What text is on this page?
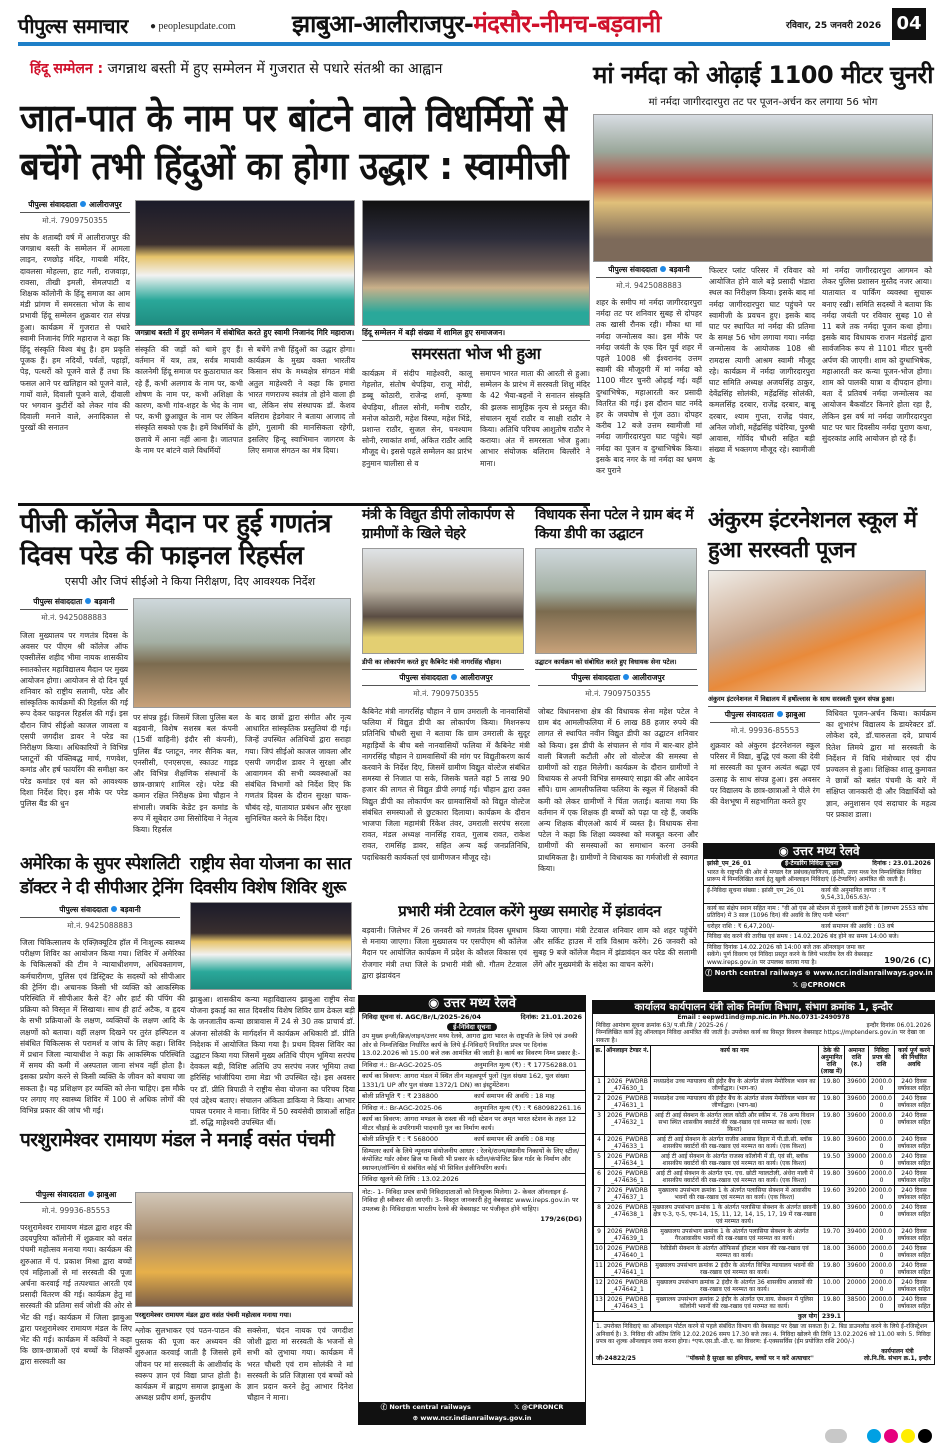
पीपुल्स समाचार	● peoplesupdate.com	झाबुआ-आलीराजपुर-मंदसौर-नीमच-बड़वानी	रविवार, 25 जनवरी 2026 04
हिंदू सम्मेलन : जगन्नाथ बस्ती में हुए सम्मेलन में गुजरात से पधारे संतश्री का आह्वान
जात-पात के नाम पर बांटने वाले विधर्मियों से बचेंगे तभी हिंदुओं का होगा उद्धार : स्वामीजी
पीपुल्स संवाददाता आलीराजपुर
मो.नं. 7909750355
संघ के शताब्दी वर्ष में आलीराजपुर की जगन्नाथ बस्ती के सम्मेलन में आमला लाइन, रणछोड़ मंदिर, गायत्री मंदिर, दावलसा मोहल्ला, हाट गली, राजवाड़ा, रावसा, तीखी इमली, सेमलपाटी व शिक्षक कॉलोनी के हिंदू समाज का आम मंडी प्रांगण में समरसता भोज के साथ प्रभावी हिंदू सम्मेलन शुक्रवार रात संपन्न हुआ। कार्यक्रम में गुजरात से पधारे स्वामी निजानंद गिरि महाराज ने कहा कि हिंदू संस्कृति विश्व बंधु है। हम प्रकृति पूजक हैं। हम नदियों, पर्वतों, पहाड़ों, पेड़, पत्थरों को पूजने वाले हैं तथा कि फसल आने पर खलिहान को पूजने वाले, गायों वाले, दिवाली पूजने वाले, दीवाली पर भगवान कुटीरों को लेकर गांव की दिवाली मनाने वाले, अनादिकाल से पुरखों की सनातन
जगन्नाथ बस्ती में हुए सम्मेलन में संबोधित करते हुए स्वामी निजानंद गिरि महाराज। हिंदू सम्मेलन में बड़ी संख्या में शामिल हुए समाजजन।
संस्कृति की जड़ों को थामे हुए हैं। वर्तमान में यत्र, तत्र, सर्वत्र मायावी कालनेमी हिंदू समाज पर कुठाराघात कर रहे हैं, कभी अलगाव के नाम पर, कभी शोषण के नाम पर, कभी अशिक्षा के कारण, कभी गांव-शहर के भेद के नाम पर, कभी छुआछूत के नाम पर लेकिन संस्कृति सबको एक है। हमें विधर्मियों के छलावे में आना नहीं आना है। जातपात के नाम पर बांटने वाले विधर्मियों
से बचेंगे तभी हिंदुओं का उद्धार होगा। कार्यक्रम के मुख्य वक्ता भारतीय किसान संघ के मध्यक्षेत्र संगठन मंत्री अतुल माहेश्वरी ने कहा कि हमारा भारत गणराज्य स्वतंत्र तो होने वाला ही था, लेकिन संघ संस्थापक डॉ. केशव बलिराम हेडगेवार ने बताया आजाद तो होंगे, गुलामी की मानसिकता रहेगी, इसलिए हिन्दू स्वाभिमान जागरण के लिए समाज संगठन का मंत्र दिया।
समरसता भोज भी हुआ
कार्यक्रम में संदीप माहेश्वरी, कालू गेहलोत, संतोष थेपड़िया, राजू मोदी, डब्बू कोठारी, राजेन्द्र शर्मा, कृष्णा थेपड़िया, शीतल सोनी, मनीष राठौर, मनोज कोठारी, महेश विस्पा, महेश भिंडे, प्रशान्त राठौर, सुजल सेन, घनश्याम सोनी, रमाकांत शर्मा, अंकित राठौर आदि मौजूद थे। इससे पहले सम्मेलन का प्रारंभ हनुमान चालीसा से व
समापन भारत माता की आरती से हुआ। सम्मेलन के प्रारंभ में सरस्वती शिशु मंदिर के 42 भैया-बहनों ने सनातन संस्कृति की झलक सामूहिक नृत्य से प्रस्तुत की। संचालन सूर्या राठौर व साक्षी राठौर ने किया। अतिथि परिचय आशुतोष राठौर ने कराया। अंत में समरसता भोज हुआ। आभार संयोजक बलिराम बिल्लौरे ने माना।
मां नर्मदा को ओढ़ाई 1100 मीटर चुनरी
मां नर्मदा जागीरदारपुरा तट पर पूजन-अर्चन कर लगाया 56 भोग
पीपुल्स संवाददाता बड़वानी
मो.नं. 9425088883
शहर के समीप मां नर्मदा जागीरदारपुरा नर्मदा तट पर शनिवार सुबह से दोपहर तक खासी रौनक रही। मौका था मां नर्मदा जन्मोत्सव का। इस मौके पर नर्मदा जयंती के एक दिन पूर्व शहर में पहले 1008 श्री ईश्वरानंद उत्तम स्वामी की मौजूदगी में मां नर्मदा को 1100 मीटर चुनरी ओढ़ाई गई। वहीं दुग्धाभिषेक, महाआरती कर प्रसादी वितरित की गई। इस दौरान घाट नर्मदे हर के जयघोष से गूंज उठा। दोपहर करीब 12 बजे उत्तम स्वामीजी मां नर्मदा जागीरदारपुरा घाट पहुंचे। यहां नर्मदा का पूजन व दुग्धाभिषेक किया। इसके बाद नगर के मां नर्मदा का भ्रमण कर पुराने
फिल्टर प्लांट परिसर में रविवार को आयोजित होने वाले बड़े प्रसादी भंडारा स्थल का निरीक्षण किया। इसके बाद मां नर्मदा जागीरदारपुरा घाट पहुंचने पर स्वामीजी के प्रवचन हुए। इसके बाद घाट पर स्थापित मां नर्मदा की प्रतिमा के समक्ष 56 भोग लगाया गया। नर्मदा जन्मोत्सव के आयोजक 108 श्री रामदास त्यागी आश्रम स्वामी मौजूद रहे। कार्यक्रम में नर्मदा जागीरदारपुरा घाट समिति अध्यक्ष अजयसिंह ठाकुर, देवेंद्रसिंह सोलंकी, महेंद्रसिंह सोलंकी, कमलसिंह दरबार, राजेंद्र दरबार, बाबू दरबार, श्याम गुप्ता, राजेंद्र पंवार, अनिल जोशी, महेंद्रसिंह चंदेरिया, पुरुषी आवास, गोविंद चौधरी सहित बड़ी संख्या में भक्तगण मौजूद रहे। स्वामीजी के
मां नर्मदा जागीरदारपुरा आगमन को लेकर पुलिस प्रशासन मुस्तैद नजर आया। यातायात व पार्किंग व्यवस्था सुचारू बनाए रखी। समिति सदस्यों ने बताया कि नर्मदा जयंती पर रविवार सुबह 10 से 11 बजे तक नर्मदा पूजन कथा होगा। इसके बाद विधायक राजन मंडलोई द्वारा सार्वजनिक रूप से 1101 मीटर चुनरी अर्पण की जाएगी। शाम को दुग्धाभिषेक, महाआरती कर कन्या पूजन-भोज होगा। शाम को पालकी यात्रा व दीपदान होगा। बता दें प्रतिवर्ष नर्मदा जन्मोत्सव का आयोजन बैकवॉटर किनारे होता रहा है, लेकिन इस वर्ष मां नर्मदा जागीरदारपुरा घाट पर चार दिवसीय नर्मदा पुराण कथा, सुंदरकांड आदि आयोजन हो रहे हैं।
पीजी कॉलेज मैदान पर हुई गणतंत्र दिवस परेड की फाइनल रिहर्सल
एसपी और जिपं सीईओ ने किया निरीक्षण, दिए आवश्यक निर्देश
पीपुल्स संवाददाता बड़वानी
मो.नं. 9425088883
जिला मुख्यालय पर गणतंत्र दिवस के अवसर पर पीएम श्री कॉलेज ऑफ एक्सीलेंस शहीद भीमा नायक शासकीय स्नातकोत्तर महाविद्यालय मैदान पर मुख्य आयोजन होगा। आयोजन से दो दिन पूर्व शनिवार को राष्ट्रीय सलामी, परेड और सांस्कृतिक कार्यक्रमों की रिहर्सल की गई रूप देकर फाइनल रिहर्सल की गई। इस दौरान जिपं सीईओ काजल जावला व एसपी जगदीश डावर ने परेड का निरीक्षण किया। अधिकारियों ने विभिन्न प्लाटूनों की पंक्तिबद्ध मार्च, गणवेश, कमांड और हर्ष फायरिंग की समीक्षा कर परेड कमांडर एवं बल को आवश्यक दिशा निर्देश दिए। इस मौके पर परेड पुलिस बैंड की धुन
पर संपन्न हुई। जिसमें जिला पुलिस बल बड़वानी, विशेष सशस्त्र बल कंपनी (15वीं वाहिनी) इंदौर सी कंपनी), पुलिस बैंड प्लाटून, नगर सैनिक बल, एनसीसी, एनएसएस, स्काउट गाइड और विभिन्न शैक्षणिक संस्थानों के छात्र-छात्राएं शामिल रहे। परेड की कमान रक्षित निरीक्षक प्रेमा चौहान ने संभाली। जबकि केडेट इन कमांड के रूप में सूबेदार उमा सिसोदिया ने नेतृत्व किया। रिहर्सल
के बाद छात्रों द्वारा संगीत और नृत्य आधारित सांस्कृतिक प्रस्तुतियां दी गई। जिन्हें उपस्थित अतिथियों द्वारा सराहा गया। जिपं सीईओ काजल जावला और एसपी जगदीश डावर ने सुरक्षा और आवागमन की सभी व्यवस्थाओं का संबंधित विभागों को निर्देश दिए कि गणतंत्र दिवस के दौरान सुरक्षा चाक-चौबंद रहे, यातायात प्रबंधन और सुरक्षा सुनिश्चित करने के निर्देश दिए।
मंत्री के विद्युत डीपी लोकार्पण से ग्रामीणों के खिले चेहरे
डीपी का लोकार्पण करते हुए कैबिनेट मंत्री नागरसिंह चौहान।
पीपुल्स संवाददाता आलीराजपुर
मो.नं. 7909750355
कैबिनेट मंत्री नागरसिंह चौहान ने ग्राम उमराली के नानवासियों फलिया में विद्युत डीपी का लोकार्पण किया। मिशनरूप प्रतिनिधि चौधरी सुधा ने बताया कि ग्राम उमराली के सुदूर महाड़ियों के बीच बसे नानवासियों फलिया में कैबिनेट मंत्री नागरसिंह चौहान ने ग्रामवासियों की मांग पर विद्युतीकरण कार्य करवाने के निर्देश दिए, जिसमें ग्रामीण विद्युत वोल्टेज संबंधित समस्या से निजात पा सके, जिसके चलते वहां 5 लाख 90 हजार की लागत से विद्युत डीपी लगाई गई। चौहान द्वारा उक्त विद्युत डीपी का लोकार्पण कर ग्रामवासियों को विद्युत वोल्टेज संबंधित समस्याओं से छुटकारा दिलाया। कार्यक्रम के दौरान भाजपा जिला महामंत्री रिंकेश तंवर, उमराली सरपंच सरला रावत, मंडल अध्यक्ष नानसिंह रावत, गुलाब रावत, राकेश रावत, रामसिंह डावर, सहित अन्य कई जनप्रतिनिधि, पदाधिकारी कार्यकर्ता एवं ग्रामीणजन मौजूद रहे।
विधायक सेना पटेल ने ग्राम बंद में किया डीपी का उद्घाटन
उद्घाटन कार्यक्रम को संबोधित करते हुए विधायक सेना पटेल।
पीपुल्स संवाददाता आलीराजपुर
मो.नं. 7909750355
जोबट विधानसभा क्षेत्र की विधायक सेना महेश पटेल ने ग्राम बंद आमलीफलिया में 6 लाख 88 हजार रुपये की लागत से स्थापित नवीन विद्युत डीपी का उद्घाटन शनिवार को किया। इस डीपी के संचालन से गांव में बार-बार होने वाली बिजली कटौती और लो वोल्टेज की समस्या से ग्रामीणों को राहत मिलेगी। कार्यक्रम के दौरान ग्रामीणों ने विधायक से अपनी विभिन्न समस्याएं साझा की और आवेदन सौंपे। ग्राम आमलीफलिया फलिया के स्कूल में शिक्षकों की कमी को लेकर ग्रामीणों ने चिंता जताई। बताया गया कि वर्तमान में एक शिक्षक ही बच्चों को पढ़ा पा रहे हैं, जबकि अन्य शिक्षक बीएलओ कार्य में व्यस्त है। विधायक सेना पटेल ने कहा कि शिक्षा व्यवस्था को मजबूत करना और ग्रामीणों की समस्याओं का समाधान करना उनकी प्राथमिकता है। ग्रामीणों ने विधायक का गर्मजोशी से स्वागत किया।
अंकुरम इंटरनेशनल स्कूल में हुआ सरस्वती पूजन
अंकुरम इंटरनेशनल में विद्यालय में हर्षोल्लास के साथ सरस्वती पूजन संपन्न हुआ।
पीपुल्स संवाददाता झाबुआ
मो.नं. 99936-85553
शुक्रवार को अंकुरम इंटरनेशनल स्कूल परिसर में विद्या, बुद्धि एवं कला की देवी मां सरस्वती का पूजन अत्यंत श्रद्धा एवं उत्साह के साथ संपन्न हुआ। इस अवसर पर विद्यालय के छात्र-छात्राओं ने पीले रंग की वेशभूषा में सहभागिता करते हुए
विधिवत पूजन-अर्चन किया। कार्यक्रम का शुभारंभ विद्यालय के डायरेक्टर डॉ. लोकेश दवे, डॉ.चारुलता दवे, प्राचार्य रितेश लिमये द्वारा मां सरस्वती के निर्देशन में विधि मंत्रोच्चार एवं दीप प्रज्वलन से हुआ। शिक्षिका शालू कुमावत ने छात्रों को बसंत पंचमी के बारे में संक्षिप्त जानकारी दी और विद्यार्थियों को ज्ञान, अनुशासन एवं सदाचार के महत्व पर प्रकाश डाला।
अमेरिका के सुपर स्पेशलिटी डॉक्टर ने दी सीपीआर ट्रेनिंग
पीपुल्स संवाददाता बड़वानी
मो.नं. 9425088883
जिला चिकित्सालय के एक्ज़िक्यूटिव हॉल में निःशुल्क स्वास्थ्य परीक्षण शिविर का आयोजन किया गया। शिविर में अमेरिका के चिकित्सकों की टीम ने न्यायाधीशगण, अधिवक्तागण, कर्मचारीगण, पुलिस एवं डिस्ट्रिक्ट के सदस्यों को सीपीआर की ट्रेनिंग दी। अचानक किसी भी व्यक्ति को आकस्मिक परिस्थिति में सीपीआर कैसे दें? और हार्ट की पंपिंग की प्रक्रिया को विस्तृत में सिखाया। साथ ही हार्ट अटैक, व हृदय के सभी प्रक्रियाओं के लक्षण, व्यक्तियों के लक्षण आदि के लक्षणों को बताया। वहीं लक्षण दिखने पर तुरंत हस्पिटल व संबंधित चिकित्सक से परामर्श व जांच के लिए कहा। शिविर में प्रधान जिला न्यायाधीश ने कहा कि आकस्मिक परिस्थिति में समय की कमी में अस्पताल जाना संभव नहीं होता है। इसका प्रयोग करने से किसी व्यक्ति के जीवन को बचाया जा सकता है। यह प्रशिक्षण हर व्यक्ति को लेना चाहिए। इस मौके पर लगाए गए स्वास्थ्य शिविर में 100 से अधिक लोगों की विभिन्न प्रकार की जांच भी गई।
राष्ट्रीय सेवा योजना का सात दिवसीय विशेष शिविर शुरू
झाबुआ। शासकीय कन्या महाविद्यालय झाबुआ राष्ट्रीय सेवा योजना इकाई का सात दिवसीय विशेष शिविर ग्राम ढेकल बड़ी के जनजातीय कन्या छात्रावास में 24 से 30 तक प्राचार्य डॉ. अंजना सोलंकी के मार्गदर्शन में कार्यक्रम अधिकारी डॉ. प्रीति निदेशक में आयोजित किया गया है। प्रथम दिवस शिविर का उद्घाटन किया गया जिसमें मुख्य अतिथि पीएम भूमिया सरपंच देवकल बड़ी, विशिष्ट अतिथि उप सरपंच नजर भूमिया तथा हरिसिंह भांजीपिया रामा मेडा भी उपस्थित रहे। इस अवसर पर डॉ. प्रीति त्रिपाठी ने राष्ट्रीय सेवा योजना का परिचय दिया एवं उद्देश्य बताए। संचालन अंकिता डाकिया ने किया। आभार पायल परमार ने माना। शिविर में 50 स्वयंसेवी छात्राओं सहित डॉ. रुद्धि माहेश्वरी उपस्थित थीं।
प्रभारी मंत्री टेटवाल करेंगे मुख्य समारोह में झंडावंदन
बड़वानी। जिलेभर में 26 जनवरी को गणतंत्र दिवस धूमधाम से मनाया जाएगा। जिला मुख्यालय पर एसपीएम श्री कॉलेज मैदान पर आयोजित कार्यक्रम में प्रदेश के कौशल विकास एवं रोजगार मंत्री तथा जिले के प्रभारी मंत्री श्री. गौतम टेटवाल द्वारा झंडावंदन
किया जाएगा। मंत्री टेटवाल शनिवार शाम को शहर पहुंचेंगे और सर्किट हाउस में रात्रि विश्राम करेंगे। 26 जनवरी को सुबह 9 बजे कॉलेज मैदान में झंडावंदन कर परेड की सलामी लेंगे और मुख्यमंत्री के संदेश का वाचन करेंगे।
◉ उत्तर मध्य रेलवे
झांसी_एम_26_01	ई-टेण्डरिंग निविदा सूचना	दिनांक : 23.01.2026
भारत के राष्ट्रपति की ओर से मण्डल रेल प्रबंधक/वाणिज्य, झांसी, उत्तर मध्य रेल निम्नलिखित निविदा प्रारूप में निम्नलिखित कार्य हेतु खुली ऑनलाइन निविदाएं (ई-टेण्डरिंग) आमंत्रित की जाती हैं।
ई-निविदा सूचना संख्या : झांसी_एम_26_01	कार्य की अनुमानित लागत : ₹ 9,54,31,065.63/-
कार्य का संक्षेप स्थान सहित नाम : "वी ओ एस ओ स्टेशन से गुजरने वाली ट्रेनों के (लगभग 2553 कोच प्रतिदिन) में 3 साल (1096 दिन) की अवधि के लिए पानी भरना"
धरोहर राशि : ₹ 6,47,200/-	कार्य समापन की अवधि : 03 वर्ष
निविदा बंद करने की तारीख एवं समय : 14.02.2026 बंद होने का समय 14:00 बजे।
निविदा दिनांक 14.02.2026 को 14:00 बजे तक ऑनलाइन जमा कर सकेंगे। पूर्ण विवरण एवं निविदा प्रस्तुत करने के लिये भारतीय रेल की वेबसाइट www.ireps.gov.in पर उपलब्ध कराया गया है।	190/26 (C)
ⓕ North central railways ⊕ www.ncr.indianrailways.gov.in
𝕏 @CPRONCR
◉ उत्तर मध्य रेलवे
निविदा सूचना सं. AGC/Br/L/2025-26/04	दिनांक: 21.01.2026
ई-निविदा सूचना
उप मुख्य इन्जी/ब्रिज/लाइन/उत्तर मध्य रेलवे, आगरा द्वारा भारत के राष्ट्रपति के लिये एवं उनकी ओर से निम्नलिखित निर्धारित कार्य के लिये ई-निविदाएँ निर्धारित प्रपत्र पर दिनांक 13.02.2026 को 15.00 बजे तक आमंत्रित की जाती है। कार्य का विवरण निम्न प्रकार है:-
निविदा नं.: Br-AGC-2025-05	अनुमानित मूल्य (₹) : ₹ 17756288.01
कार्य का विवरण: आगरा मंडल में स्थित तीन महत्वपूर्ण पुलों (पुल संख्या 162, पुल संख्या 1331/1 UP और पुल संख्या 1372/1 DN) का इंस्ट्रुमेंटेशन।
बोली प्रतिभूति ₹ : ₹ 238800	कार्य समापन की अवधि : 18 माह
निविदा नं.: Br-AGC-2025-06	अनुमानित मूल्य (₹) : ₹ 680982261.16
कार्य का विवरण: आगरा मण्डल के रास्ता की नदी स्टेशन पर अमृत भारत स्टेशन के तहत 12 मीटर चौड़ाई के उपरिगामी पादचारी पुल का निर्माण कार्य।
बोली प्रतिभूति ₹ : ₹ 568000	कार्य समापन की अवधि : 08 माह
सिम्पलर कार्य के लिये न्यूनतम संयोजनीय आधार : रेलवे/राज्य/स्थानीय निकायों के लिए स्टील/कंपोजिट गर्डर ओवर ब्रिज या किसी भी प्रकार के स्टील/कंपोजिट ब्रिज गर्डर के निर्माण और स्थापना/लॉन्चिंग से संबंधित कोई भी सिविल इंजीनियरिंग कार्य।
निविदा खुलने की तिथि : 13.02.2026
नोट:- 1- निविदा प्रपत्र सभी निविदादाताओं को निःशुल्क मिलेगा। 2- केवल ऑनलाइन ई-निविदा ही स्वीकार की जाएगी। 3- विस्तृत जानकारी हेतु वेबसाइट www.ireps.gov.in पर उपलब्ध है। निविदादाता भारतीय रेलवे की वेबसाइट पर पंजीकृत होने चाहिए।
179/26(DG)
ⓕ North central railways	𝕏 @CPRONCR
⊕ www.ncr.indianrailways.gov.in
कार्यालय कार्यपालन यंत्री लोक निर्माण विभाग, संभाग क्रमांक 1, इन्दौर
Email : eepwd1ind@mp.nic.in Ph.No.0731-2490978
निविदा आमंत्रण सूचना क्रमांक 63/ प.सी.सि / 2025-26 /	इन्दौर दिनांक 06.01.2026
निम्नलिखित कार्य हेतु ऑनलाइन निविदा आमंत्रित की जाती है। उपरोक्त कार्य का विस्तृत विवरण वेबसाइट https://mptenders.gov.in पर देखा जा सकता है।
क्र.	ऑनलाइन टेण्डर नं.	कार्य का नाम	ठेके की अनुमानित राशि (लाख में)	अमानत राशि (रु.)	निविदा प्रपत्र की राशि	कार्य पूर्ण करने की निर्धारित अवधि
1	2026_PWDRB_474630_1	मध्यप्रदेश उच्च न्यायालय की इंदौर बैंच के अंतर्गत संजय मेमोरियल भवन का जीर्णोद्धार। (भाग-क)	19.80	39600	2000.00	240 दिवस वर्षाकाल सहित
2	2026_PWDRB_474631_1	मध्यप्रदेश उच्च न्यायालय की इंदौर बैंच के अंतर्गत संजय मेमोरियल भवन का जीर्णोद्धार। (भाग-ख)	19.80	39600	2000.00	240 दिवस वर्षाकाल सहित
3	2026_PWDRB_474632_1	आई टी आई सेक्शन के अंतर्गत लाल कोठी और स्कीम नं. 78 अन्य विधान सभा स्थित शासकीय क्वार्टरों की रख-रखाव एवं मरम्मत का कार्य। (एक किश्त)	19.80	39600	2000.00	240 दिवस वर्षाकाल सहित
4	2026_PWDRB_474633_1	आई टी आई सेक्शन के अंतर्गत राजीव आवास विहार में पी.डी.सी. ब्लॉक शासकीय क्वार्टरों की रख-रखाव एवं मरम्मत का कार्य। (एक किश्त)	19.80	39600	2000.00	240 दिवस वर्षाकाल सहित
5	2026_PWDRB_474634_1	आई टी आई सेक्शन के अंतर्गत राजस्व कॉलोनी में डी, एवं सी, ब्लॉक शासकीय क्वार्टरों की रख-रखाव एवं मरम्मत का कार्य। (एक किश्त)	19.50	39000	2000.00	240 दिवस वर्षाकाल सहित
6	2026_PWDRB_474636_1	आई टी आई सेक्शन के अंतर्गत एम. एच. छोटी ग्वालटोली, अंधेरा नाली में शासकीय क्वार्टरों की रख-रखाव एवं मरम्मत का कार्य। (एक किश्त)	19.80	39600	2000.00	240 दिवस वर्षाकाल सहित
7	2026_PWDRB_474637_1	मुख्यालय उपसंभाग क्रमांक 1 के अंतर्गत पलासिया सेक्शन में आवासीय भवनों की रख-रखाव एवं मरम्मत का कार्य। (एक किश्त)	19.60	39200	2000.00	240 दिवस वर्षाकाल सहित
8	2026_PWDRB_474638_1	मुख्यालय उपसंभाग क्रमांक 1 के अंतर्गत पलासिया सेक्शन के अंतर्गत छावनी क्षेत्र ए-3, ए-5, एफ-14, 15, 11, 12, 14, 15, 17, 19 में रख-रखाव एवं मरम्मत कार्य।	19.80	39600	2000.00	240 दिवस वर्षाकाल सहित
9	2026_PWDRB_474639_1	मुख्यालय उपसंभाग क्रमांक 1 के अंतर्गत पलासिया सेक्शन के अंतर्गत गैरआवासीय भवनों की रख-रखाव एवं मरम्मत का कार्य।	19.70	39400	2000.00	240 दिवस वर्षाकाल सहित
10	2026_PWDRB_474640_1	रेसीडेंसी सेक्शन के अंतर्गत ऑफिसर्स हॉस्टल भवन की रख-रखाव एवं मरम्मत का कार्य।	18.00	36000	2000.00	240 दिवस वर्षाकाल सहित
11	2026_PWDRB_474641_1	मुख्यालय उपसंभाग क्रमांक 2 इंदौर के अंतर्गत विभिन्न न्यायालय भवनों की रख-रखाव एवं मरम्मत का कार्य।	19.80	39600	2000.00	240 दिवस वर्षाकाल सहित
12	2026_PWDRB_474642_1	मुख्यालय उपसंभाग क्रमांक 2 इंदौर के अंतर्गत 36 शासकीय आवासों की रख-रखाव एवं मरम्मत का कार्य।	10.00	20000	2000.00	240 दिवस वर्षाकाल सहित
13	2026_PWDRB_474643_1	मुख्यालय उपसंभाग क्रमांक 2 इंदौर के अंतर्गत एम.वाय. सेक्शन में पुलिस कॉलोनी भवनों की रख-रखाव एवं मरम्मत का कार्य।	19.80	38500	2000.00	240 दिवस वर्षाकाल सहित
कुल योग			239.1			
1. उपरोक्त निविदाएं का ऑनलाइन पोर्टल करने से पहले संबंधित विभाग की वेबसाइट पर देखा जा सकता है। 2. बिड डाउनलोड करने के लिये ई-रजिस्ट्रेशन अनिवार्य है। 3. निविदा की अंतिम तिथि 12.02.2026 समय 17.30 बजे तक। 4. निविदा खोलने की तिथि 13.02.2026 को 11.00 बजे। 5. निविदा प्रपत्र का शुल्क ऑनलाइन जमा करना होगा। *एफ.एस.डी.-डी.ए. का विवरण: ई-एक्ससर्विस (ईम प्रयोजित राशि 200/-)
जी-24822/25	''पॉकसो है सुरक्षा का हथियार, बच्चों पर न करें अत्याचार''
कार्यपालन यंत्री
लो.नि.वि. संभाग क्र.1, इन्दौर
परशुरामेश्वर रामायण मंडल ने मनाई वसंत पंचमी
पीपुल्स संवाददाता झाबुआ
मो.नं. 99936-85553
परशुरामेश्वर रामायण मंडल द्वारा शहर की उदयपुरिया कॉलोनी में शुक्रवार को वसंत पंचमी महोत्सव मनाया गया। कार्यक्रम की शुरुआत में पं. प्रकाश मिश्रा द्वारा बच्चों एवं महिलाओं से मां सरस्वती की पूजा अर्चना करवाई गई तत्पश्चात आरती एवं प्रसादी वितरण की गई। कार्यक्रम हेतु मां सरस्वती की प्रतिमा सर्व जोशी की ओर से भेंट की गई। कार्यक्रम में जिला झाबुआ द्वारा परशुरामेश्वर रामायण मंडल के लिए भेंट की गई। कार्यक्रम में कवियों ने कहा कि छात्र-छात्राओं एवं बच्चों के शिक्षकों द्वारा सरस्वती का
परशुरामेश्वर रामायण मंडल द्वारा वसंत पंचमी महोत्सव मनाया गया।
श्लोक सुलभाकर एवं पठन-पाठन की पुस्तक की पूजा कर अध्ययन की शुरुआत करवाई जाती है जिससे हमें जीवन पर मां सरस्वती के आशीर्वाद के स्वरूप ज्ञान एवं विद्या प्राप्त होती है। कार्यक्रम में ब्राह्मण समाज झाबुआ के अध्यक्ष प्रदीप शर्मा, कुलदीप
सक्सेना, चंदन नायक एवं जगदीश जोशी द्वारा मां सरस्वती के भजनों से सभी को लुभाया गया। कार्यक्रम में भरत चौधरी एवं राम सोलंकी ने मां सरस्वती के प्रति जिज्ञासा एवं बच्चों को ज्ञान प्रदान करने हेतु आभार दिनेश चौहान ने माना।
